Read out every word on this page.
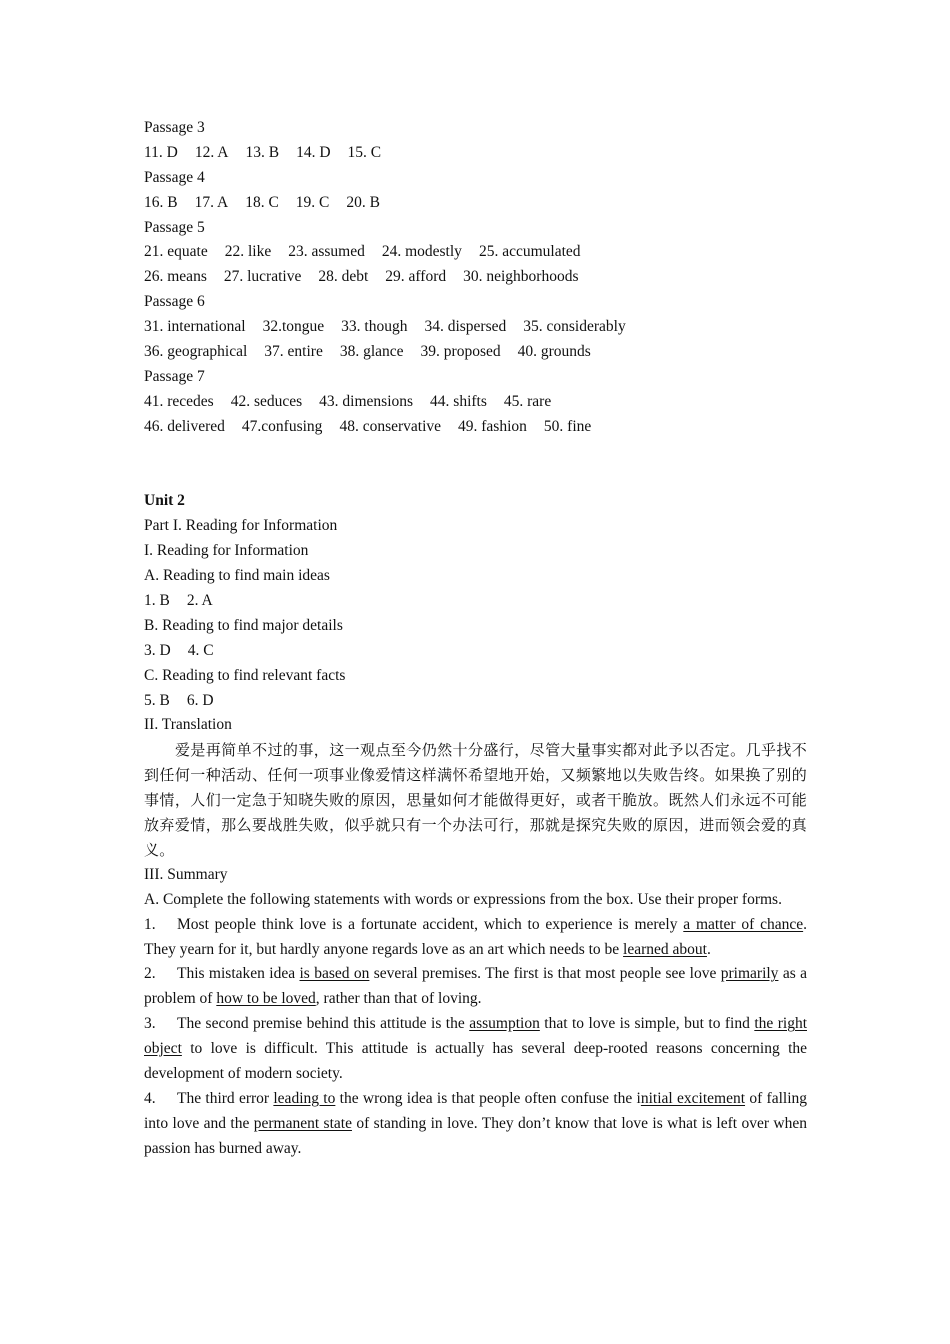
Passage 3
11. D 12. A 13. B 14. D 15. C
Passage 4
16. B 17. A 18. C 19. C 20. B
Passage 5
21. equate 22. like 23. assumed 24. modestly 25. accumulated
26. means 27. lucrative 28. debt 29. afford 30. neighborhoods
Passage 6
31. international 32.tongue 33. though 34. dispersed 35. considerably
36. geographical 37. entire 38. glance 39. proposed 40. grounds
Passage 7
41. recedes 42. seduces 43. dimensions 44. shifts 45. rare
46. delivered 47.confusing 48. conservative 49. fashion 50. fine
Unit 2
Part I. Reading for Information
I. Reading for Information
A. Reading to find main ideas
1. B 2. A
B. Reading to find major details
3. D 4. C
C. Reading to find relevant facts
5. B 6. D
II. Translation
爱是再简单不过的事，这一观点至今仍然十分盛行，尽管大量事实都对此予以否定。几乎找不到任何一种活动、任何一项事业像爱情这样满怀希望地开始，又频繁地以失败告终。如果换了别的事情，人们一定急于知晓失败的原因，思量如何才能做得更好，或者干脆放。既然人们永远不可能放弃爱情，那么要战胜失败，似乎就只有一个办法可行，那就是探究失败的原因，进而领会爱的真义。
III. Summary
A. Complete the following statements with words or expressions from the box. Use their proper forms.
1. Most people think love is a fortunate accident, which to experience is merely a matter of chance. They yearn for it, but hardly anyone regards love as an art which needs to be learned about.
2. This mistaken idea is based on several premises. The first is that most people see love primarily as a problem of how to be loved, rather than that of loving.
3. The second premise behind this attitude is the assumption that to love is simple, but to find the right object to love is difficult. This attitude is actually has several deep-rooted reasons concerning the development of modern society.
4. The third error leading to the wrong idea is that people often confuse the initial excitement of falling into love and the permanent state of standing in love. They don’t know that love is what is left over when passion has burned away.
